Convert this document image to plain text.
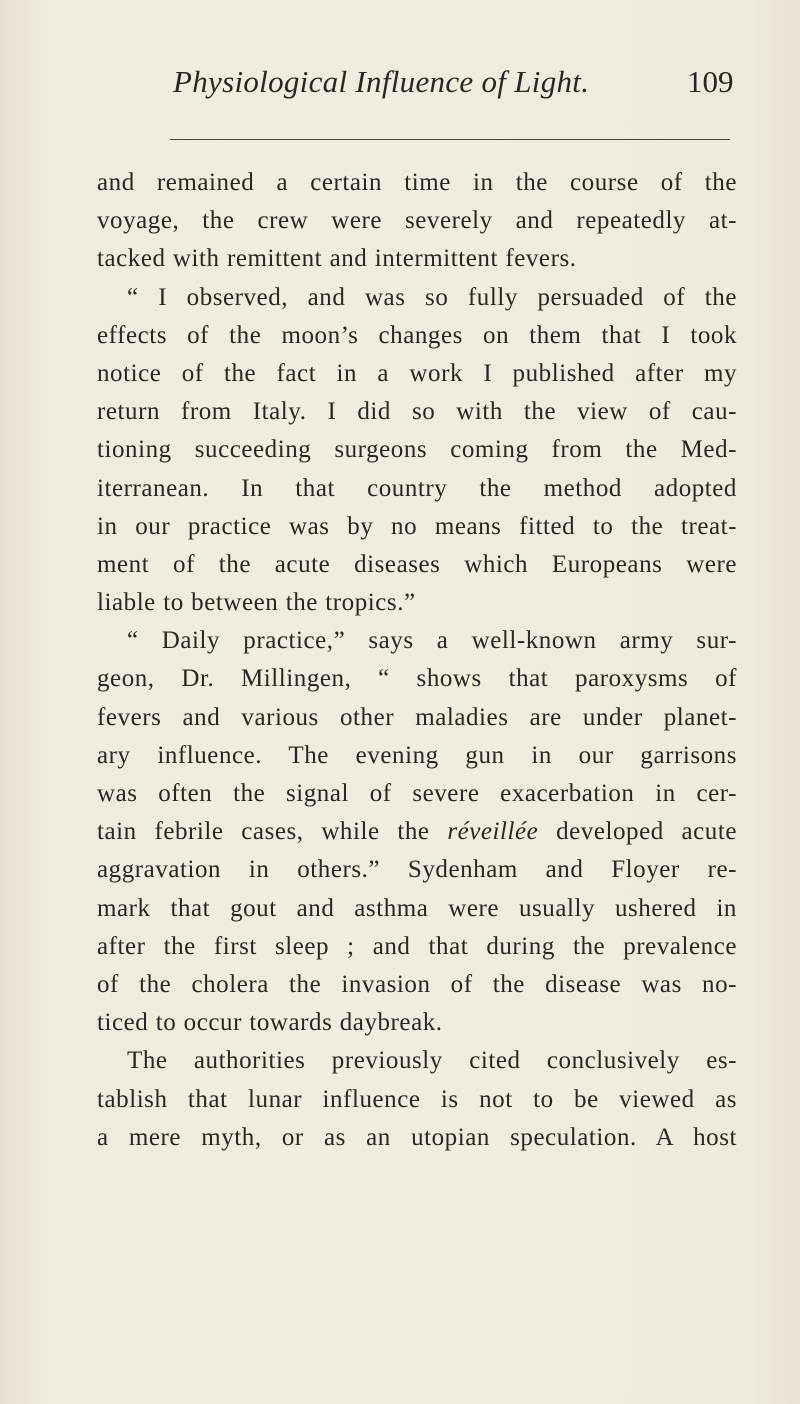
Physiological Influence of Light.	109
and remained a certain time in the course of the
voyage, the crew were severely and repeatedly at-
tacked with remittent and intermittent fevers.
“ I observed, and was so fully persuaded of the
effects of the moon’s changes on them that I took
notice of the fact in a work I published after my
return from Italy. I did so with the view of cau-
tioning succeeding surgeons coming from the Med-
iterranean. In that country the method adopted
in our practice was by no means fitted to the treat-
ment of the acute diseases which Europeans were
liable to between the tropics.”
“ Daily practice,” says a well-known army sur-
geon, Dr. Millingen, “ shows that paroxysms of
fevers and various other maladies are under planet-
ary influence. The evening gun in our garrisons
was often the signal of severe exacerbation in cer-
tain febrile cases, while the réveillée developed acute
aggravation in others.” Sydenham and Floyer re-
mark that gout and asthma were usually ushered in
after the first sleep ; and that during the prevalence
of the cholera the invasion of the disease was no-
ticed to occur towards daybreak.
The authorities previously cited conclusively es-
tablish that lunar influence is not to be viewed as
a mere myth, or as an utopian speculation. A host
